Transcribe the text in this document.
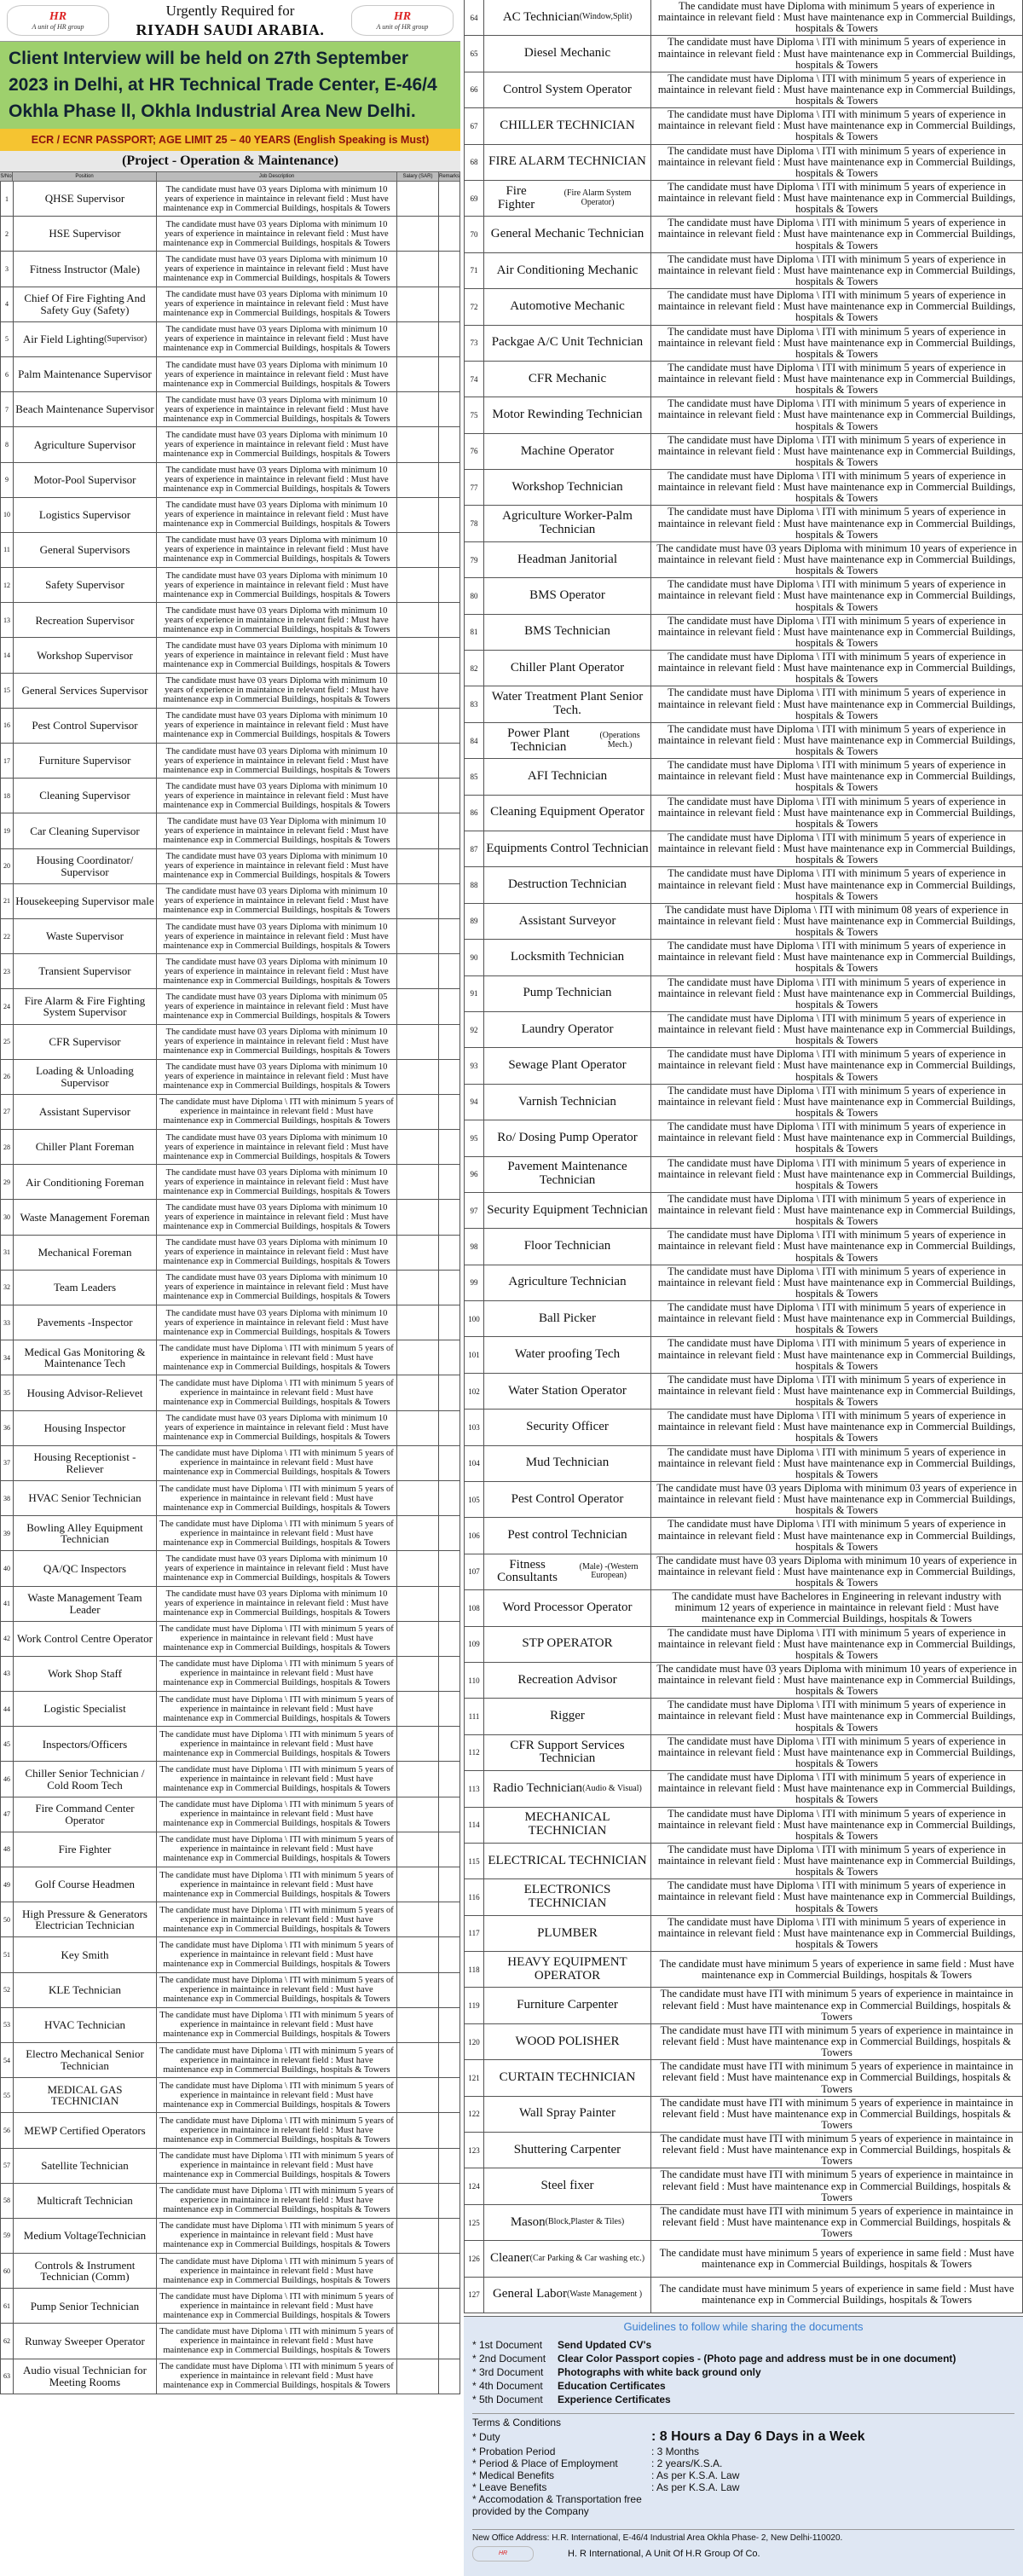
HR
A unit of HR group
Urgently Required for
RIYADH SAUDI ARABIA.
HR
A unit of HR group
Client Interview will be held on 27th September 2023 in Delhi, at HR Technical Trade Center, E-46/4 Okhla Phase ll, Okhla Industrial Area New Delhi.
ECR / ECNR PASSPORT; AGE LIMIT 25 – 40 YEARS (English Speaking is Must)
(Project - Operation & Maintenance)
S/No	Position	Job Description	Salary (SAR)	Remarks
1	QHSE Supervisor
The candidate must have 03 years Diploma with minimum 10 years of experience in maintaince in relevant field : Must have maintenance exp in Commercial Buildings, hospitals & Towers
2	HSE Supervisor
The candidate must have 03 years Diploma with minimum 10 years of experience in maintaince in relevant field : Must have maintenance exp in Commercial Buildings, hospitals & Towers
3	Fitness Instructor (Male)
The candidate must have 03 years Diploma with minimum 10 years of experience in maintaince in relevant field : Must have maintenance exp in Commercial Buildings, hospitals & Towers
4	Chief Of Fire Fighting And Safety Guy (Safety)
The candidate must have 03 years Diploma with minimum 10 years of experience in maintaince in relevant field : Must have maintenance exp in Commercial Buildings, hospitals & Towers
5	Air Field Lighting (Supervisor)
The candidate must have 03 years Diploma with minimum 10 years of experience in maintaince in relevant field : Must have maintenance exp in Commercial Buildings, hospitals & Towers
6 Palm Maintenance Supervisor
The candidate must have 03 years Diploma with minimum 10 years of experience in maintaince in relevant field : Must have maintenance exp in Commercial Buildings, hospitals & Towers
7 Beach Maintenance Supervisor
The candidate must have 03 years Diploma with minimum 10 years of experience in maintaince in relevant field : Must have maintenance exp in Commercial Buildings, hospitals & Towers
8	Agriculture Supervisor
The candidate must have 03 years Diploma with minimum 10 years of experience in maintaince in relevant field : Must have maintenance exp in Commercial Buildings, hospitals & Towers
9	Motor-Pool Supervisor
The candidate must have 03 years Diploma with minimum 10 years of experience in maintaince in relevant field : Must have maintenance exp in Commercial Buildings, hospitals & Towers
10	Logistics Supervisor
The candidate must have 03 years Diploma with minimum 10 years of experience in maintaince in relevant field : Must have maintenance exp in Commercial Buildings, hospitals & Towers
11	General Supervisors
The candidate must have 03 years Diploma with minimum 10 years of experience in maintaince in relevant field : Must have maintenance exp in Commercial Buildings, hospitals & Towers
12	Safety Supervisor
The candidate must have 03 years Diploma with minimum 10 years of experience in maintaince in relevant field : Must have maintenance exp in Commercial Buildings, hospitals & Towers
13	Recreation Supervisor
The candidate must have 03 years Diploma with minimum 10 years of experience in maintaince in relevant field : Must have maintenance exp in Commercial Buildings, hospitals & Towers
14	Workshop Supervisor
The candidate must have 03 years Diploma with minimum 10 years of experience in maintaince in relevant field : Must have maintenance exp in Commercial Buildings, hospitals & Towers
15	General Services Supervisor
The candidate must have 03 years Diploma with minimum 10 years of experience in maintaince in relevant field : Must have maintenance exp in Commercial Buildings, hospitals & Towers
16	Pest Control Supervisor
The candidate must have 03 years Diploma with minimum 10 years of experience in maintaince in relevant field : Must have maintenance exp in Commercial Buildings, hospitals & Towers
17	Furniture Supervisor
The candidate must have 03 years Diploma with minimum 10 years of experience in maintaince in relevant field : Must have maintenance exp in Commercial Buildings, hospitals & Towers
18	Cleaning Supervisor
The candidate must have 03 years Diploma with minimum 10 years of experience in maintaince in relevant field : Must have maintenance exp in Commercial Buildings, hospitals & Towers
19	Car Cleaning Supervisor
The candidate must have 03 Year Diploma with minimum 10 years of experience in maintaince in relevant field : Must have maintenance exp in Commercial Buildings, hospitals & Towers
20	Housing Coordinator/ Supervisor
The candidate must have 03 years Diploma with minimum 10 years of experience in maintaince in relevant field : Must have maintenance exp in Commercial Buildings, hospitals & Towers
21 Housekeeping Supervisor male
The candidate must have 03 years Diploma with minimum 10 years of experience in maintaince in relevant field : Must have maintenance exp in Commercial Buildings, hospitals & Towers
22	Waste Supervisor
The candidate must have 03 years Diploma with minimum 10 years of experience in maintaince in relevant field : Must have maintenance exp in Commercial Buildings, hospitals & Towers
23	Transient Supervisor
The candidate must have 03 years Diploma with minimum 10 years of experience in maintaince in relevant field : Must have maintenance exp in Commercial Buildings, hospitals & Towers
24	Fire Alarm & Fire Fighting System Supervisor
The candidate must have 03 years Diploma with minimum 05 years of experience in maintaince in relevant field : Must have maintenance exp in Commercial Buildings, hospitals & Towers
25	CFR Supervisor
The candidate must have 03 years Diploma with minimum 10 years of experience in maintaince in relevant field : Must have maintenance exp in Commercial Buildings, hospitals & Towers
26	Loading & Unloading Supervisor
The candidate must have 03 years Diploma with minimum 10 years of experience in maintaince in relevant field : Must have maintenance exp in Commercial Buildings, hospitals & Towers
27	Assistant Supervisor
The candidate must have Diploma \ ITI with minimum 5 years of experience in maintaince in relevant field : Must have maintenance exp in Commercial Buildings, hospitals & Towers
28	Chiller Plant Foreman
The candidate must have 03 years Diploma with minimum 10 years of experience in maintaince in relevant field : Must have maintenance exp in Commercial Buildings, hospitals & Towers
29	Air Conditioning Foreman
The candidate must have 03 years Diploma with minimum 10 years of experience in maintaince in relevant field : Must have maintenance exp in Commercial Buildings, hospitals & Towers
30 Waste Management Foreman
The candidate must have 03 years Diploma with minimum 10 years of experience in maintaince in relevant field : Must have maintenance exp in Commercial Buildings, hospitals & Towers
31	Mechanical Foreman
The candidate must have 03 years Diploma with minimum 10 years of experience in maintaince in relevant field : Must have maintenance exp in Commercial Buildings, hospitals & Towers
32	Team Leaders
The candidate must have 03 years Diploma with minimum 10 years of experience in maintaince in relevant field : Must have maintenance exp in Commercial Buildings, hospitals & Towers
33	Pavements -Inspector
The candidate must have 03 years Diploma with minimum 10 years of experience in maintaince in relevant field : Must have maintenance exp in Commercial Buildings, hospitals & Towers
34	Medical Gas Monitoring & Maintenance Tech
The candidate must have Diploma \ ITI with minimum 5 years of experience in maintaince in relevant field : Must have maintenance exp in Commercial Buildings, hospitals & Towers
35	Housing Advisor-Relievet
The candidate must have Diploma \ ITI with minimum 5 years of experience in maintaince in relevant field : Must have maintenance exp in Commercial Buildings, hospitals & Towers
36	Housing Inspector
The candidate must have 03 years Diploma with minimum 10 years of experience in maintaince in relevant field : Must have maintenance exp in Commercial Buildings, hospitals & Towers
37	Housing Receptionist - Reliever
The candidate must have Diploma \ ITI with minimum 5 years of experience in maintaince in relevant field : Must have maintenance exp in Commercial Buildings, hospitals & Towers
38	HVAC Senior Technician
The candidate must have Diploma \ ITI with minimum 5 years of experience in maintaince in relevant field : Must have maintenance exp in Commercial Buildings, hospitals & Towers
39	Bowling Alley Equipment Technician
The candidate must have Diploma \ ITI with minimum 5 years of experience in maintaince in relevant field : Must have maintenance exp in Commercial Buildings, hospitals & Towers
40	QA/QC Inspectors
The candidate must have 03 years Diploma with minimum 10 years of experience in maintaince in relevant field : Must have maintenance exp in Commercial Buildings, hospitals & Towers
41	Waste Management Team Leader
The candidate must have 03 years Diploma with minimum 10 years of experience in maintaince in relevant field : Must have maintenance exp in Commercial Buildings, hospitals & Towers
42 Work Control Centre Operator
The candidate must have Diploma \ ITI with minimum 5 years of experience in maintaince in relevant field : Must have maintenance exp in Commercial Buildings, hospitals & Towers
43	Work Shop Staff
The candidate must have Diploma \ ITI with minimum 5 years of experience in maintaince in relevant field : Must have maintenance exp in Commercial Buildings, hospitals & Towers
44	Logistic Specialist
The candidate must have Diploma \ ITI with minimum 5 years of experience in maintaince in relevant field : Must have maintenance exp in Commercial Buildings, hospitals & Towers
45	Inspectors/Officers
The candidate must have Diploma \ ITI with minimum 5 years of experience in maintaince in relevant field : Must have maintenance exp in Commercial Buildings, hospitals & Towers
46	Chiller Senior Technician / Cold Room Tech
The candidate must have Diploma \ ITI with minimum 5 years of experience in maintaince in relevant field : Must have maintenance exp in Commercial Buildings, hospitals & Towers
47	Fire Command Center Operator
The candidate must have Diploma \ ITI with minimum 5 years of experience in maintaince in relevant field : Must have maintenance exp in Commercial Buildings, hospitals & Towers
48	Fire Fighter
The candidate must have Diploma \ ITI with minimum 5 years of experience in maintaince in relevant field : Must have maintenance exp in Commercial Buildings, hospitals & Towers
49	Golf Course Headmen
The candidate must have Diploma \ ITI with minimum 5 years of experience in maintaince in relevant field : Must have maintenance exp in Commercial Buildings, hospitals & Towers
50	High Pressure & Generators Electrician Technician
The candidate must have Diploma \ ITI with minimum 5 years of experience in maintaince in relevant field : Must have maintenance exp in Commercial Buildings, hospitals & Towers
51	Key Smith
The candidate must have Diploma \ ITI with minimum 5 years of experience in maintaince in relevant field : Must have maintenance exp in Commercial Buildings, hospitals & Towers
52	KLE Technician
The candidate must have Diploma \ ITI with minimum 5 years of experience in maintaince in relevant field : Must have maintenance exp in Commercial Buildings, hospitals & Towers
53	HVAC Technician
The candidate must have Diploma \ ITI with minimum 5 years of experience in maintaince in relevant field : Must have maintenance exp in Commercial Buildings, hospitals & Towers
54	Electro Mechanical Senior Technician
The candidate must have Diploma \ ITI with minimum 5 years of experience in maintaince in relevant field : Must have maintenance exp in Commercial Buildings, hospitals & Towers
55	MEDICAL GAS TECHNICIAN
The candidate must have Diploma \ ITI with minimum 5 years of experience in maintaince in relevant field : Must have maintenance exp in Commercial Buildings, hospitals & Towers
56	MEWP Certified Operators
The candidate must have Diploma \ ITI with minimum 5 years of experience in maintaince in relevant field : Must have maintenance exp in Commercial Buildings, hospitals & Towers
57	Satellite Technician
The candidate must have Diploma \ ITI with minimum 5 years of experience in maintaince in relevant field : Must have maintenance exp in Commercial Buildings, hospitals & Towers
58	Multicraft Technician
The candidate must have Diploma \ ITI with minimum 5 years of experience in maintaince in relevant field : Must have maintenance exp in Commercial Buildings, hospitals & Towers
59	Medium VoltageTechnician
The candidate must have Diploma \ ITI with minimum 5 years of experience in maintaince in relevant field : Must have maintenance exp in Commercial Buildings, hospitals & Towers
60	Controls & Instrument Technician (Comm)
The candidate must have Diploma \ ITI with minimum 5 years of experience in maintaince in relevant field : Must have maintenance exp in Commercial Buildings, hospitals & Towers
61	Pump Senior Technician
The candidate must have Diploma \ ITI with minimum 5 years of experience in maintaince in relevant field : Must have maintenance exp in Commercial Buildings, hospitals & Towers
62	Runway Sweeper Operator
The candidate must have Diploma \ ITI with minimum 5 years of experience in maintaince in relevant field : Must have maintenance exp in Commercial Buildings, hospitals & Towers
63	Audio visual Technician for Meeting Rooms
The candidate must have Diploma \ ITI with minimum 5 years of experience in maintaince in relevant field : Must have maintenance exp in Commercial Buildings, hospitals & Towers
64	AC Technician (Window,Split)
The candidate must have Diploma with minimum 5 years of experience in maintaince in relevant field : Must have maintenance exp in Commercial Buildings, hospitals & Towers
65	Diesel Mechanic
The candidate must have Diploma \ ITI with minimum 5 years of experience in maintaince in relevant field : Must have maintenance exp in Commercial Buildings, hospitals & Towers
66	Control System Operator
The candidate must have Diploma \ ITI with minimum 5 years of experience in maintaince in relevant field : Must have maintenance exp in Commercial Buildings, hospitals & Towers
67	CHILLER TECHNICIAN
The candidate must have Diploma \ ITI with minimum 5 years of experience in maintaince in relevant field : Must have maintenance exp in Commercial Buildings, hospitals & Towers
68 FIRE ALARM TECHNICIAN
The candidate must have Diploma \ ITI with minimum 5 years of experience in maintaince in relevant field : Must have maintenance exp in Commercial Buildings, hospitals & Towers
69
Fire Fighter
(Fire Alarm System Operator)
The candidate must have Diploma \ ITI with minimum 5 years of experience in maintaince in relevant field : Must have maintenance exp in Commercial Buildings, hospitals & Towers
70	General Mechanic Technician
The candidate must have Diploma \ ITI with minimum 5 years of experience in maintaince in relevant field : Must have maintenance exp in Commercial Buildings, hospitals & Towers
71	Air Conditioning Mechanic
The candidate must have Diploma \ ITI with minimum 5 years of experience in maintaince in relevant field : Must have maintenance exp in Commercial Buildings, hospitals & Towers
72	Automotive Mechanic
The candidate must have Diploma \ ITI with minimum 5 years of experience in maintaince in relevant field : Must have maintenance exp in Commercial Buildings, hospitals & Towers
73	Packgae A/C Unit Technician
The candidate must have Diploma \ ITI with minimum 5 years of experience in maintaince in relevant field : Must have maintenance exp in Commercial Buildings, hospitals & Towers
74	CFR Mechanic
The candidate must have Diploma \ ITI with minimum 5 years of experience in maintaince in relevant field : Must have maintenance exp in Commercial Buildings, hospitals & Towers
75	Motor Rewinding Technician
The candidate must have Diploma \ ITI with minimum 5 years of experience in maintaince in relevant field : Must have maintenance exp in Commercial Buildings, hospitals & Towers
76	Machine Operator
The candidate must have Diploma \ ITI with minimum 5 years of experience in maintaince in relevant field : Must have maintenance exp in Commercial Buildings, hospitals & Towers
77	Workshop Technician
The candidate must have Diploma \ ITI with minimum 5 years of experience in maintaince in relevant field : Must have maintenance exp in Commercial Buildings, hospitals & Towers
78
Agriculture Worker-Palm Technician
The candidate must have Diploma \ ITI with minimum 5 years of experience in maintaince in relevant field : Must have maintenance exp in Commercial Buildings, hospitals & Towers
79	Headman Janitorial
The candidate must have 03 years Diploma with minimum 10 years of experience in maintaince in relevant field : Must have maintenance exp in Commercial Buildings, hospitals & Towers
80	BMS Operator
The candidate must have Diploma \ ITI with minimum 5 years of experience in maintaince in relevant field : Must have maintenance exp in Commercial Buildings, hospitals & Towers
81	BMS Technician
The candidate must have Diploma \ ITI with minimum 5 years of experience in maintaince in relevant field : Must have maintenance exp in Commercial Buildings, hospitals & Towers
82	Chiller Plant Operator
The candidate must have Diploma \ ITI with minimum 5 years of experience in maintaince in relevant field : Must have maintenance exp in Commercial Buildings, hospitals & Towers
83
Water Treatment Plant Senior Tech.
The candidate must have Diploma \ ITI with minimum 5 years of experience in maintaince in relevant field : Must have maintenance exp in Commercial Buildings, hospitals & Towers
84
Power Plant Technician
(Operations Mech.)
The candidate must have Diploma \ ITI with minimum 5 years of experience in maintaince in relevant field : Must have maintenance exp in Commercial Buildings, hospitals & Towers
85	AFI Technician
The candidate must have Diploma \ ITI with minimum 5 years of experience in maintaince in relevant field : Must have maintenance exp in Commercial Buildings, hospitals & Towers
86 Cleaning Equipment Operator
The candidate must have Diploma \ ITI with minimum 5 years of experience in maintaince in relevant field : Must have maintenance exp in Commercial Buildings, hospitals & Towers
87 Equipments Control Technician
The candidate must have Diploma \ ITI with minimum 5 years of experience in maintaince in relevant field : Must have maintenance exp in Commercial Buildings, hospitals & Towers
88	Destruction Technician
The candidate must have Diploma \ ITI with minimum 5 years of experience in maintaince in relevant field : Must have maintenance exp in Commercial Buildings, hospitals & Towers
89	Assistant Surveyor
The candidate must have Diploma \ ITI with minimum 08 years of experience in maintaince in relevant field : Must have maintenance exp in Commercial Buildings, hospitals & Towers
90	Locksmith Technician
The candidate must have Diploma \ ITI with minimum 5 years of experience in maintaince in relevant field : Must have maintenance exp in Commercial Buildings, hospitals & Towers
91	Pump Technician
The candidate must have Diploma \ ITI with minimum 5 years of experience in maintaince in relevant field : Must have maintenance exp in Commercial Buildings, hospitals & Towers
92	Laundry Operator
The candidate must have Diploma \ ITI with minimum 5 years of experience in maintaince in relevant field : Must have maintenance exp in Commercial Buildings, hospitals & Towers
93	Sewage Plant Operator
The candidate must have Diploma \ ITI with minimum 5 years of experience in maintaince in relevant field : Must have maintenance exp in Commercial Buildings, hospitals & Towers
94	Varnish Technician
The candidate must have Diploma \ ITI with minimum 5 years of experience in maintaince in relevant field : Must have maintenance exp in Commercial Buildings, hospitals & Towers
95	Ro/ Dosing Pump Operator
The candidate must have Diploma \ ITI with minimum 5 years of experience in maintaince in relevant field : Must have maintenance exp in Commercial Buildings, hospitals & Towers
96
Pavement Maintenance Technician
The candidate must have Diploma \ ITI with minimum 5 years of experience in maintaince in relevant field : Must have maintenance exp in Commercial Buildings, hospitals & Towers
97 Security Equipment Technician
The candidate must have Diploma \ ITI with minimum 5 years of experience in maintaince in relevant field : Must have maintenance exp in Commercial Buildings, hospitals & Towers
98	Floor Technician
The candidate must have Diploma \ ITI with minimum 5 years of experience in maintaince in relevant field : Must have maintenance exp in Commercial Buildings, hospitals & Towers
99	Agriculture Technician
The candidate must have Diploma \ ITI with minimum 5 years of experience in maintaince in relevant field : Must have maintenance exp in Commercial Buildings, hospitals & Towers
100	Ball Picker
The candidate must have Diploma \ ITI with minimum 5 years of experience in maintaince in relevant field : Must have maintenance exp in Commercial Buildings, hospitals & Towers
101	Water proofing Tech
The candidate must have Diploma \ ITI with minimum 5 years of experience in maintaince in relevant field : Must have maintenance exp in Commercial Buildings, hospitals & Towers
102	Water Station Operator
The candidate must have Diploma \ ITI with minimum 5 years of experience in maintaince in relevant field : Must have maintenance exp in Commercial Buildings, hospitals & Towers
103	Security Officer
The candidate must have Diploma \ ITI with minimum 5 years of experience in maintaince in relevant field : Must have maintenance exp in Commercial Buildings, hospitals & Towers
104	Mud Technician
The candidate must have Diploma \ ITI with minimum 5 years of experience in maintaince in relevant field : Must have maintenance exp in Commercial Buildings, hospitals & Towers
105	Pest Control Operator
The candidate must have 03 years Diploma with minimum 03 years of experience in maintaince in relevant field : Must have maintenance exp in Commercial Buildings, hospitals & Towers
106	Pest control Technician
The candidate must have Diploma \ ITI with minimum 5 years of experience in maintaince in relevant field : Must have maintenance exp in Commercial Buildings, hospitals & Towers
107
Fitness Consultants
(Male) -(Western European)
The candidate must have 03 years Diploma with minimum 10 years of experience in maintaince in relevant field : Must have maintenance exp in Commercial Buildings, hospitals & Towers
108	Word Processor Operator
The candidate must have Bachelores in Engineering in relevant industry with minimum 12 years of experience in maintaince in relevant field : Must have maintenance exp in Commercial Buildings, hospitals & Towers
109	STP OPERATOR
The candidate must have Diploma \ ITI with minimum 5 years of experience in maintaince in relevant field : Must have maintenance exp in Commercial Buildings, hospitals & Towers
110	Recreation Advisor
The candidate must have 03 years Diploma with minimum 10 years of experience in maintaince in relevant field : Must have maintenance exp in Commercial Buildings, hospitals & Towers
111	Rigger
The candidate must have Diploma \ ITI with minimum 5 years of experience in maintaince in relevant field : Must have maintenance exp in Commercial Buildings, hospitals & Towers
112
CFR Support Services Technician
The candidate must have Diploma \ ITI with minimum 5 years of experience in maintaince in relevant field : Must have maintenance exp in Commercial Buildings, hospitals & Towers
113	Radio Technician (Audio & Visual)
The candidate must have Diploma \ ITI with minimum 5 years of experience in maintaince in relevant field : Must have maintenance exp in Commercial Buildings, hospitals & Towers
114
MECHANICAL TECHNICIAN
The candidate must have Diploma \ ITI with minimum 5 years of experience in maintaince in relevant field : Must have maintenance exp in Commercial Buildings, hospitals & Towers
115 ELECTRICAL TECHNICIAN
The candidate must have Diploma \ ITI with minimum 5 years of experience in maintaince in relevant field : Must have maintenance exp in Commercial Buildings, hospitals & Towers
116
ELECTRONICS TECHNICIAN
The candidate must have Diploma \ ITI with minimum 5 years of experience in maintaince in relevant field : Must have maintenance exp in Commercial Buildings, hospitals & Towers
117	PLUMBER
The candidate must have Diploma \ ITI with minimum 5 years of experience in maintaince in relevant field : Must have maintenance exp in Commercial Buildings, hospitals & Towers
118
HEAVY EQUIPMENT OPERATOR
The candidate must have minimum 5 years of experience in same field : Must have maintenance exp in Commercial Buildings, hospitals & Towers
119	Furniture Carpenter
The candidate must have ITI with minimum 5 years of experience in maintaince in relevant field : Must have maintenance exp in Commercial Buildings, hospitals & Towers
120	WOOD POLISHER
The candidate must have ITI with minimum 5 years of experience in maintaince in relevant field : Must have maintenance exp in Commercial Buildings, hospitals & Towers
121	CURTAIN TECHNICIAN
The candidate must have ITI with minimum 5 years of experience in maintaince in relevant field : Must have maintenance exp in Commercial Buildings, hospitals & Towers
122	Wall Spray Painter
The candidate must have ITI with minimum 5 years of experience in maintaince in relevant field : Must have maintenance exp in Commercial Buildings, hospitals & Towers
123	Shuttering Carpenter
The candidate must have ITI with minimum 5 years of experience in maintaince in relevant field : Must have maintenance exp in Commercial Buildings, hospitals & Towers
124	Steel fixer
The candidate must have ITI with minimum 5 years of experience in maintaince in relevant field : Must have maintenance exp in Commercial Buildings, hospitals & Towers
125	Mason (Block,Plaster & Tiles)
The candidate must have ITI with minimum 5 years of experience in maintaince in relevant field : Must have maintenance exp in Commercial Buildings, hospitals & Towers
126 Cleaner (Car Parking & Car washing etc.)	The candidate must have minimum 5 years of experience in same field : Must have maintenance exp in Commercial Buildings, hospitals & Towers
127	General Labor (Waste Management )	The candidate must have minimum 5 years of experience in same field : Must have maintenance exp in Commercial Buildings, hospitals & Towers
Guidelines to follow while sharing the documents
* 1st Document	Send Updated CV's
* 2nd Document	Clear Color Passport copies - (Photo page and address must be in one document)
* 3rd Document	Photographs with white back ground only
* 4th Document	Education Certificates
* 5th Document	Experience Certificates
Terms & Conditions
* Duty	: 8 Hours a Day 6 Days in a Week
* Probation Period	: 3 Months
* Period & Place of Employment	: 2 years/K.S.A.
* Medical Benefits	: As per K.S.A. Law
* Leave Benefits	: As per K.S.A. Law
* Accomodation & Transportation free provided by the Company
New Office Address: H.R. International, E-46/4 Industrial Area Okhla Phase- 2, New Delhi-110020.
HR	H. R International, A Unit Of H.R Group Of Co.
